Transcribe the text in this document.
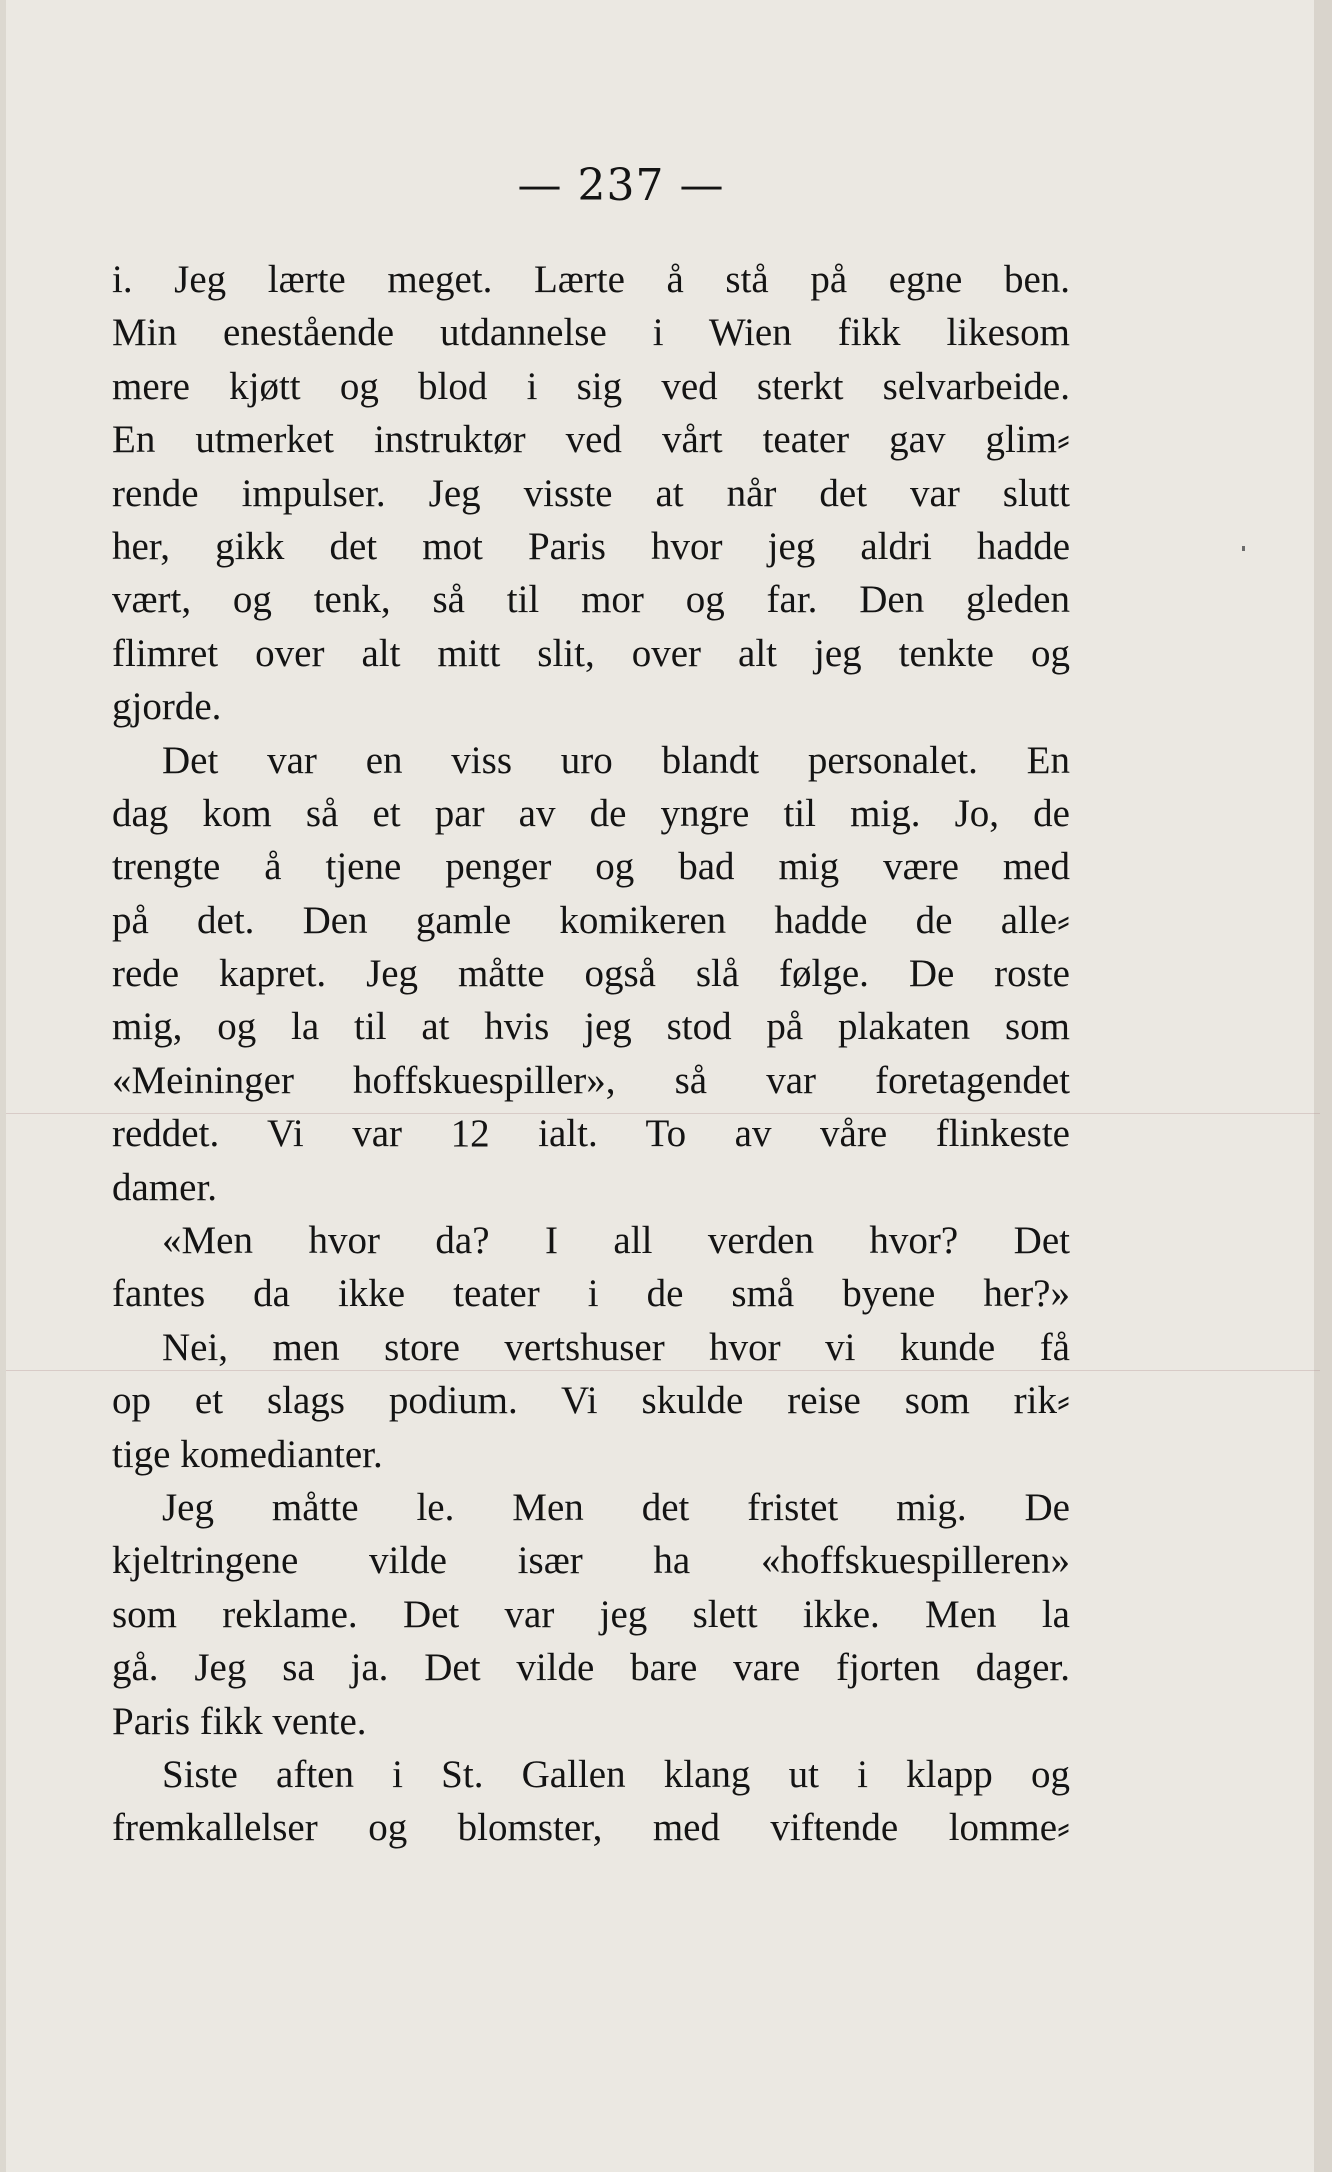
— 237 —
i. Jeg lærte meget. Lærte å stå på egne ben.
Min enestående utdannelse i Wien fikk likesom
mere kjøtt og blod i sig ved sterkt selvarbeide.
En utmerket instruktør ved vårt teater gav glim⸗
rende impulser. Jeg visste at når det var slutt
her, gikk det mot Paris hvor jeg aldri hadde
vært, og tenk, så til mor og far. Den gleden
flimret over alt mitt slit, over alt jeg tenkte og
gjorde.
Det var en viss uro blandt personalet. En
dag kom så et par av de yngre til mig. Jo, de
trengte å tjene penger og bad mig være med
på det. Den gamle komikeren hadde de alle⸗
rede kapret. Jeg måtte også slå følge. De roste
mig, og la til at hvis jeg stod på plakaten som
«Meininger hoffskuespiller», så var foretagendet
reddet. Vi var 12 ialt. To av våre flinkeste
damer.
«Men hvor da? I all verden hvor? Det
fantes da ikke teater i de små byene her?»
Nei, men store vertshuser hvor vi kunde få
op et slags podium. Vi skulde reise som rik⸗
tige komedianter.
Jeg måtte le. Men det fristet mig. De
kjeltringene vilde især ha «hoffskuespilleren»
som reklame. Det var jeg slett ikke. Men la
gå. Jeg sa ja. Det vilde bare vare fjorten dager.
Paris fikk vente.
Siste aften i St. Gallen klang ut i klapp og
fremkallelser og blomster, med viftende lomme⸗
